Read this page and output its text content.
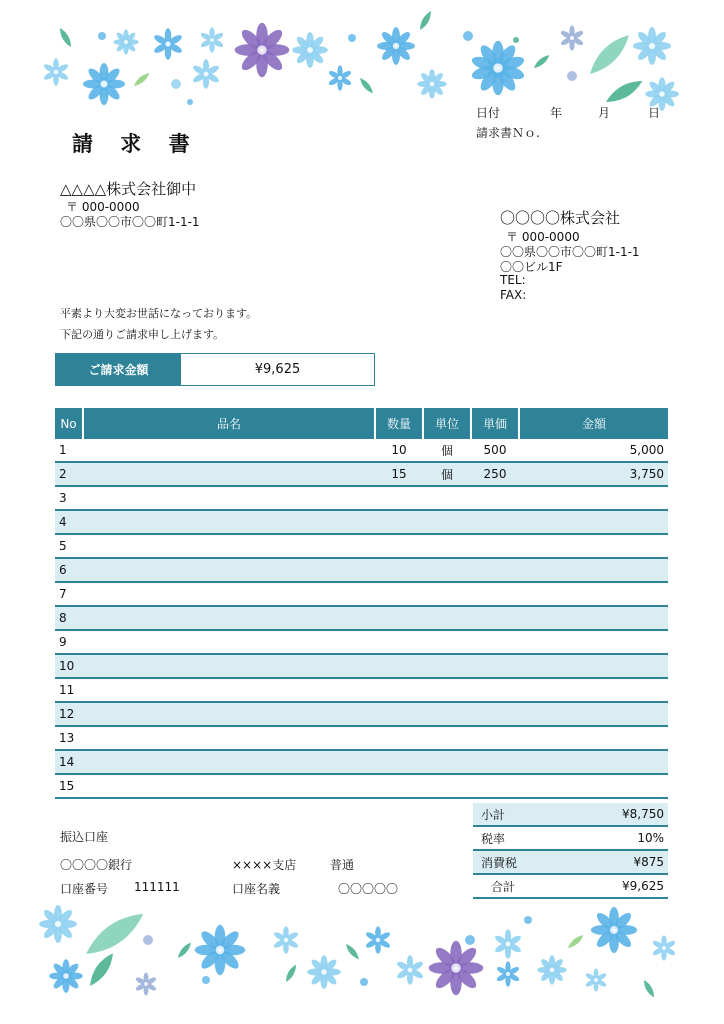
請 求 書
日付	年	月	日
請求書Ｎｏ.
△△△△株式会社御中
〒 000-0000
〇〇県〇〇市〇〇町1-1-1	〇〇〇〇株式会社
〒 000-0000
〇〇県〇〇市〇〇町1-1-1
〇〇ビル1F
TEL:
FAX:
平素より大変お世話になっております。
下記の通りご請求申し上げます。
ご請求金額	¥9,625
No	品名	数量	単位	単価	金額
1		10	個	500	5,000
2		15	個	250	3,750
3					
4					
5					
6					
7					
8					
9					
10					
11					
12					
13					
14					
15					
振込口座
〇〇〇〇銀行	××××支店	普通
口座番号 111111	口座名義	〇〇〇〇〇
小計	¥8,750
税率	10%
消費税	¥875
合計	¥9,625
